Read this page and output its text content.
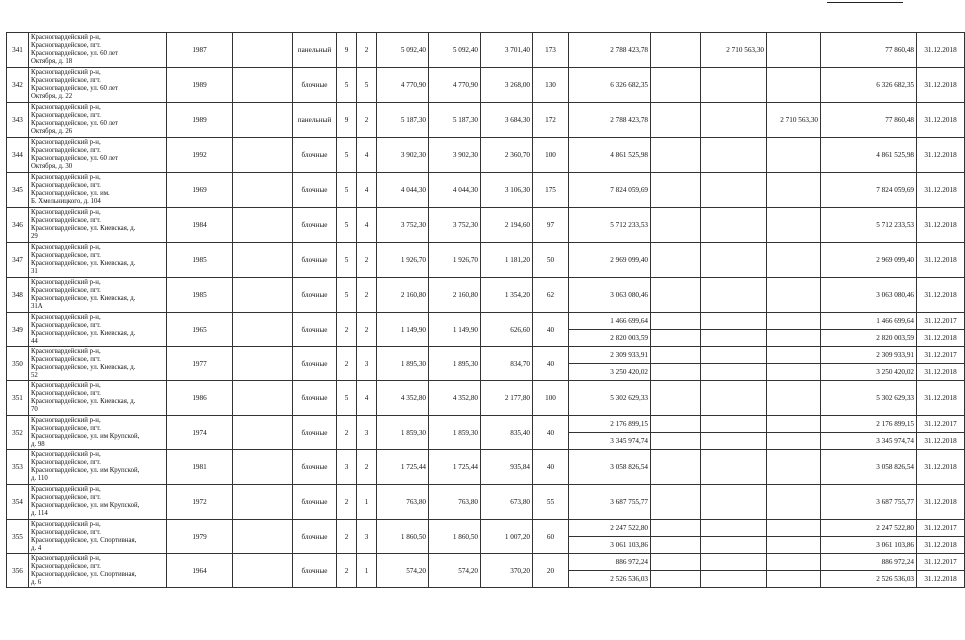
341	Красногвардейский р-н,
Красногвардейское, пгт.
Красногвардейское, ул. 60 лет
Октября, д. 18	1987		панельный	9	2	5 092,40	5 092,40	3 701,40	173	2 788 423,78		2 710 563,30		77 860,48	31.12.2018
342	Красногвардейский р-н,
Красногвардейское, пгт.
Красногвардейское, ул. 60 лет
Октября, д. 22	1989		блочные	5	5	4 770,90	4 770,90	3 268,00	130	6 326 682,35				6 326 682,35	31.12.2018
343	Красногвардейский р-н,
Красногвардейское, пгт.
Красногвардейское, ул. 60 лет
Октября, д. 26	1989		панельный	9	2	5 187,30	5 187,30	3 684,30	172	2 788 423,78			2 710 563,30	77 860,48	31.12.2018
344	Красногвардейский р-н,
Красногвардейское, пгт.
Красногвардейское, ул. 60 лет
Октября, д. 30	1992		блочные	5	4	3 902,30	3 902,30	2 360,70	100	4 861 525,98				4 861 525,98	31.12.2018
345	Красногвардейский р-н,
Красногвардейское, пгт.
Красногвардейское, ул. им.
Б. Хмельницкого, д. 104	1969		блочные	5	4	4 044,30	4 044,30	3 106,30	175	7 824 059,69				7 824 059,69	31.12.2018
346	Красногвардейский р-н,
Красногвардейское, пгт.
Красногвардейское, ул. Киевская, д.
29	1984		блочные	5	4	3 752,30	3 752,30	2 194,60	97	5 712 233,53				5 712 233,53	31.12.2018
347	Красногвардейский р-н,
Красногвардейское, пгт.
Красногвардейское, ул. Киевская, д.
31	1985		блочные	5	2	1 926,70	1 926,70	1 181,20	50	2 969 099,40				2 969 099,40	31.12.2018
348	Красногвардейский р-н,
Красногвардейское, пгт.
Красногвардейское, ул. Киевская, д.
31А	1985		блочные	5	2	2 160,80	2 160,80	1 354,20	62	3 063 080,46				3 063 080,46	31.12.2018
349	Красногвардейский р-н,
Красногвардейское, пгт.
Красногвардейское, ул. Киевская, д.
44	1965		блочные	2	2	1 149,90	1 149,90	626,60	40	1 466 699,64				1 466 699,64	31.12.2017
											2 820 003,59				2 820 003,59	31.12.2018
350	Красногвардейский р-н,
Красногвардейское, пгт.
Красногвардейское, ул. Киевская, д.
52	1977		блочные	2	3	1 895,30	1 895,30	834,70	40	2 309 933,91				2 309 933,91	31.12.2017
											3 250 420,02				3 250 420,02	31.12.2018
351	Красногвардейский р-н,
Красногвардейское, пгт.
Красногвардейское, ул. Киевская, д.
70	1986		блочные	5	4	4 352,80	4 352,80	2 177,80	100	5 302 629,33				5 302 629,33	31.12.2018
352	Красногвардейский р-н,
Красногвардейское, пгт.
Красногвардейское, ул. им Крупской,
д. 98	1974		блочные	2	3	1 859,30	1 859,30	835,40	40	2 176 899,15				2 176 899,15	31.12.2017
											3 345 974,74				3 345 974,74	31.12.2018
353	Красногвардейский р-н,
Красногвардейское, пгт.
Красногвардейское, ул. им Крупской,
д. 110	1981		блочные	3	2	1 725,44	1 725,44	935,84	40	3 058 826,54				3 058 826,54	31.12.2018
354	Красногвардейский р-н,
Красногвардейское, пгт.
Красногвардейское, ул. им Крупской,
д. 114	1972		блочные	2	1	763,80	763,80	673,80	55	3 687 755,77				3 687 755,77	31.12.2018
355	Красногвардейский р-н,
Красногвардейское, пгт.
Красногвардейское, ул. Спортивная,
д. 4	1979		блочные	2	3	1 860,50	1 860,50	1 007,20	60	2 247 522,80				2 247 522,80	31.12.2017
											3 061 103,86				3 061 103,86	31.12.2018
356	Красногвардейский р-н,
Красногвардейское, пгт.
Красногвардейское, ул. Спортивная,
д. 6	1964		блочные	2	1	574,20	574,20	370,20	20	886 972,24				886 972,24	31.12.2017
											2 526 536,03				2 526 536,03	31.12.2018
